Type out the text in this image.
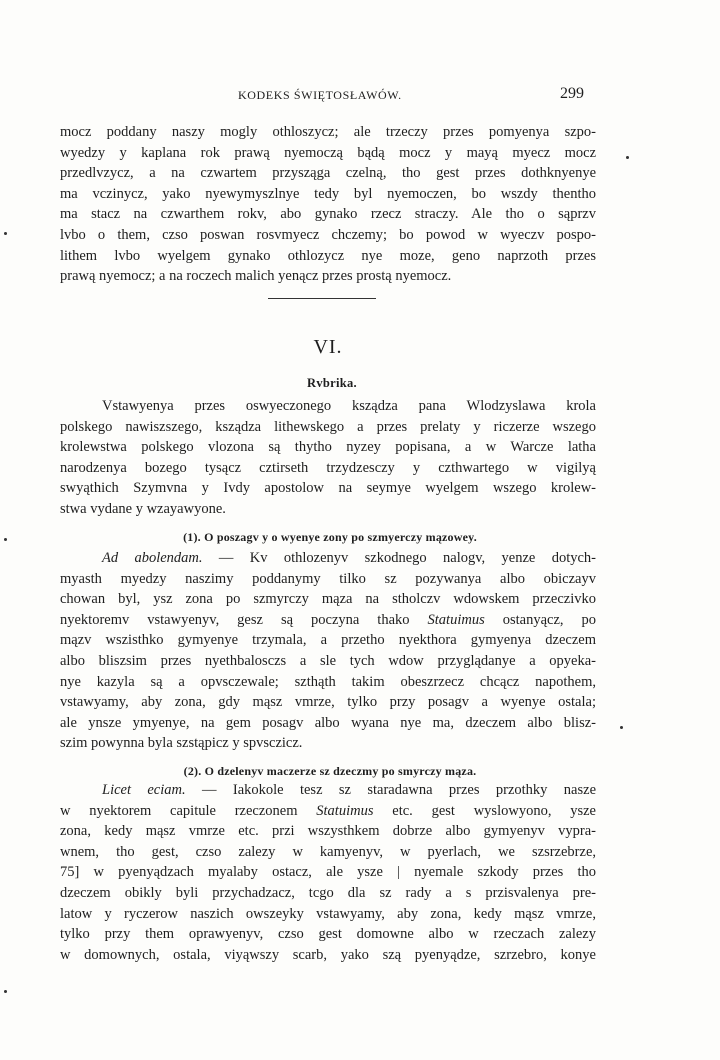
KODEKS ŚWIĘTOSŁAWÓW.	299
mocz poddany naszy mogly othloszycz; ale trzeczy przes pomyenya szpo-
wyedzy y kaplana rok prawą nyemoczą bądą mocz y mayą myecz mocz
przedlvzycz, a na czwartem przysząga czelną, tho gest przes dothknyenye
ma vczinycz, yako nyewymyszlnye tedy byl nyemoczen, bo wszdy thentho
ma stacz na czwarthem rokv, abo gynako rzecz straczy. Ale tho o sąprzv
lvbo o them, czso poswan rosvmyecz chczemy; bo powod w wyeczv pospo-
lithem lvbo wyelgem gynako othlozycz nye moze, geno naprzoth przes
prawą nyemocz; a na roczech malich yenącz przes prostą nyemocz.
VI.
Rvbrika.
Vstawyenya przes oswyeczonego ksządza pana Wlodzyslawa krola
polskego nawiszszego, ksządza lithewskego a przes prelaty y riczerze wszego
krolewstwa polskego vlozona są thytho nyzey popisana, a w Warcze latha
narodzenya bozego tysącz cztirseth trzydzesczy y czthwartego w vigilyą
swyąthich Szymvna y Ivdy apostolow na seymye wyelgem wszego krolew-
stwa vydane y wzayawyone.
(1). O poszagv y o wyenye zony po szmyerczy mązowey.
Ad abolendam. — Kv othlozenyv szkodnego nalogv, yenze dotych-
myasth myedzy naszimy poddanymy tilko sz pozywanya albo obiczayv
chowan byl, ysz zona po szmyrczy mąza na stholczv wdowskem przeczivko
nyektoremv vstawyenyv, gesz są poczyna thako Statuimus ostanyącz, po
mązv wszisthko gymyenye trzymala, a przetho nyekthora gymyenya dzeczem
albo bliszsim przes nyethbalosczs a sle tych wdow przyglądanye a opyeka-
nye kazyla są a opvsczewale; szthąth takim obeszrzecz chcącz napothem,
vstawyamy, aby zona, gdy mąsz vmrze, tylko przy posagv a wyenye ostala;
ale ynsze ymyenye, na gem posagv albo wyana nye ma, dzeczem albo blisz-
szim powynna byla szstąpicz y spvsczicz.
(2). O dzelenyv maczerze sz dzeczmy po smyrczy mąza.
Licet eciam. — Iakokole tesz sz staradawna przes przothky nasze
w nyektorem capitule rzeczonem Statuimus etc. gest wyslowyono, ysze
zona, kedy mąsz vmrze etc. przi wszysthkem dobrze albo gymyenyv vypra-
wnem, tho gest, czso zalezy w kamyenyv, w pyerlach, we szsrzebrze,
75] w pyenyądzach myalaby ostacz, ale ysze | nyemale szkody przes tho
dzeczem obikly byli przychadzacz, tcgo dla sz rady a s przisvalenya pre-
latow y ryczerow naszich owszeyky vstawyamy, aby zona, kedy mąsz vmrze,
tylko przy them oprawyenyv, czso gest domowne albo w rzeczach zalezy
w domownych, ostala, viyąwszy scarb, yako szą pyenyądze, szrzebro, konye
